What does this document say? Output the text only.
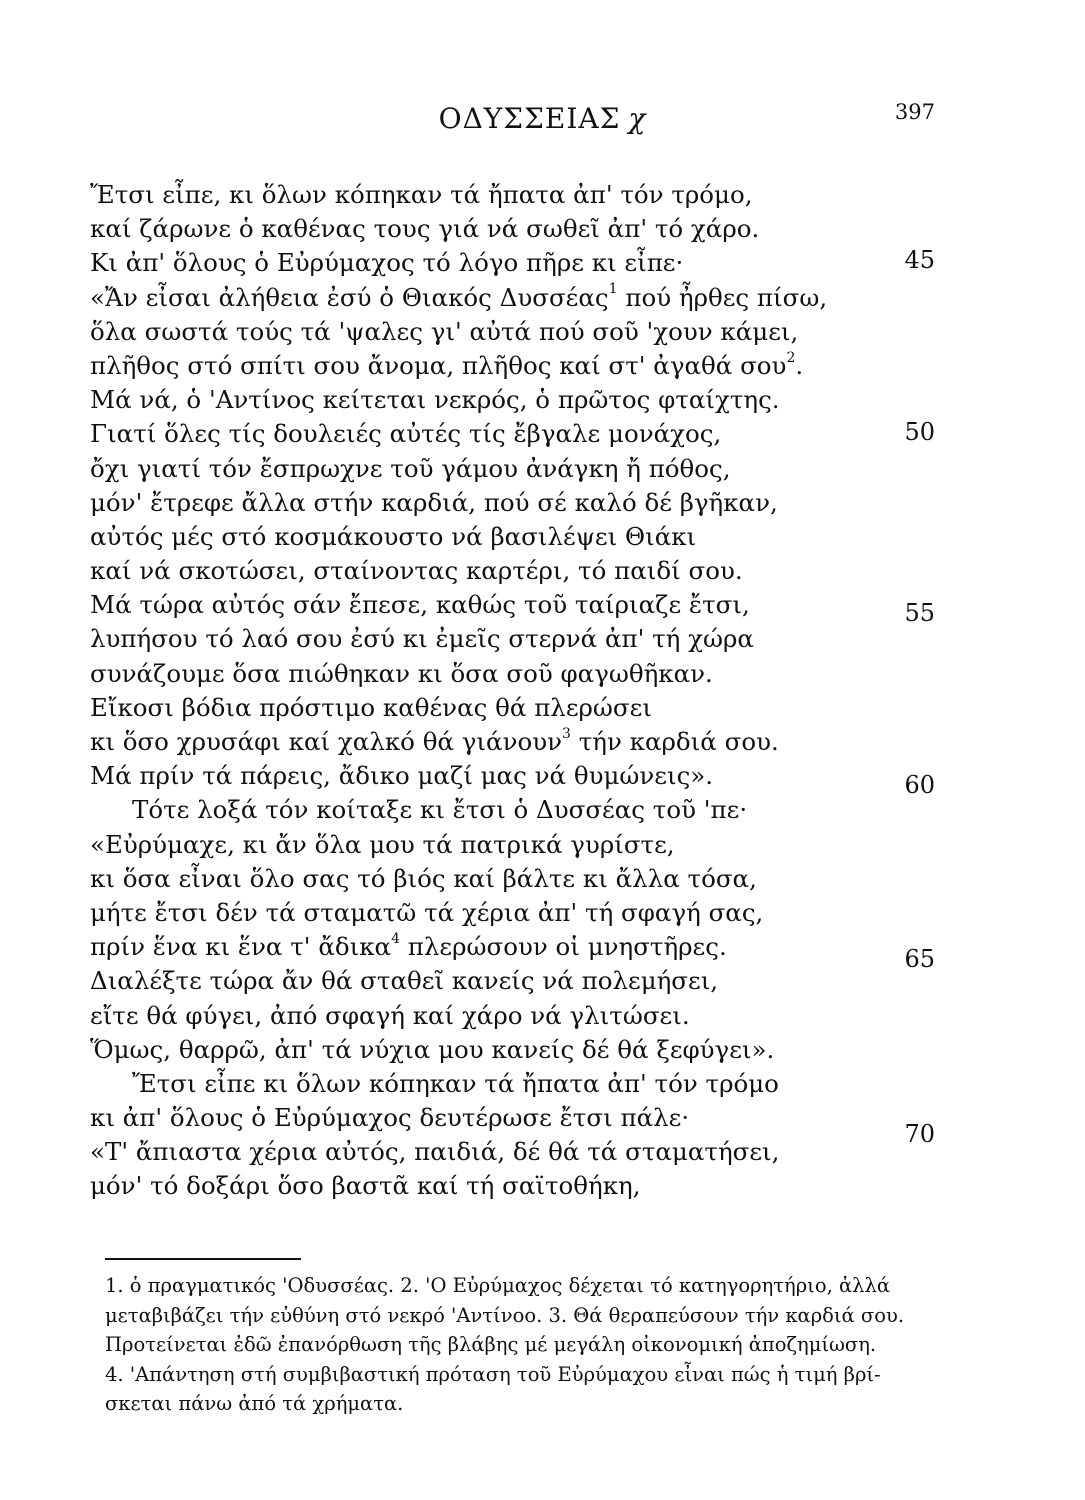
ΟΔΥΣΣΕΙΑΣ χ	397
Ἔτσι εἶπε, κι ὅλων κόπηκαν τά ἤπατα ἀπ' τόν τρόμο,
καί ζάρωνε ὁ καθένας τους γιά νά σωθεῖ ἀπ' τό χάρο.
Κι ἀπ' ὅλους ὁ Εὐρύμαχος τό λόγο πῆρε κι εἶπε·
«Ἄν εἶσαι ἀλήθεια ἐσύ ὁ Θιακός Δυσσέας$^1$ πού ἦρθες πίσω,
ὅλα σωστά τούς τά 'ψαλες γι' αὐτά πού σοῦ 'χουν κάμει,
πλῆθος στό σπίτι σου ἄνομα, πλῆθος καί στ' ἀγαθά σου$^2$.
Μά νά, ὁ 'Αντίνος κείτεται νεκρός, ὁ πρῶτος φταίχτης.
Γιατί ὅλες τίς δουλειές αὐτές τίς ἔβγαλε μονάχος,
ὄχι γιατί τόν ἔσπρωχνε τοῦ γάμου ἀνάγκη ἤ πόθος,
μόν' ἔτρεφε ἄλλα στήν καρδιά, πού σέ καλό δέ βγῆκαν,
αὐτός μές στό κοσμάκουστο νά βασιλέψει Θιάκι
καί νά σκοτώσει, σταίνοντας καρτέρι, τό παιδί σου.
Μά τώρα αὐτός σάν ἔπεσε, καθώς τοῦ ταίριαζε ἔτσι,
λυπήσου τό λαό σου ἐσύ κι ἐμεῖς στερνά ἀπ' τή χώρα
συνάζουμε ὅσα πιώθηκαν κι ὅσα σοῦ φαγωθῆκαν.
Εἴκοσι βόδια πρόστιμο καθένας θά πλερώσει
κι ὅσο χρυσάφι καί χαλκό θά γιάνουν$^3$ τήν καρδιά σου.
Μά πρίν τά πάρεις, ἄδικο μαζί μας νά θυμώνεις».
Τότε λοξά τόν κοίταξε κι ἔτσι ὁ Δυσσέας τοῦ 'πε·
«Εὐρύμαχε, κι ἄν ὅλα μου τά πατρικά γυρίστε,
κι ὅσα εἶναι ὅλο σας τό βιός καί βάλτε κι ἄλλα τόσα,
μήτε ἔτσι δέν τά σταματῶ τά χέρια ἀπ' τή σφαγή σας,
πρίν ἕνα κι ἕνα τ' ἄδικα$^4$ πλερώσουν οἱ μνηστῆρες.
Διαλέξτε τώρα ἄν θά σταθεῖ κανείς νά πολεμήσει,
εἴτε θά φύγει, ἀπό σφαγή καί χάρο νά γλιτώσει.
Ὅμως, θαρρῶ, ἀπ' τά νύχια μου κανείς δέ θά ξεφύγει».
Ἔτσι εἶπε κι ὅλων κόπηκαν τά ἤπατα ἀπ' τόν τρόμο
κι ἀπ' ὅλους ὁ Εὐρύμαχος δευτέρωσε ἔτσι πάλε·
«Τ' ἄπιαστα χέρια αὐτός, παιδιά, δέ θά τά σταματήσει,
μόν' τό δοξάρι ὅσο βαστᾶ καί τή σαϊτοθήκη,
45
50
55
60
65
70
1. ὁ πραγματικός 'Οδυσσέας. 2. 'Ο Εὐρύμαχος δέχεται τό κατηγορητήριο, ἀλλά
μεταβιβάζει τήν εὐθύνη στό νεκρό 'Αντίνοο. 3. Θά θεραπεύσουν τήν καρδιά σου.
Προτείνεται ἐδῶ ἐπανόρθωση τῆς βλάβης μέ μεγάλη οἰκονομική ἀποζημίωση.
4. 'Απάντηση στή συμβιβαστική πρόταση τοῦ Εὐρύμαχου εἶναι πώς ἡ τιμή βρί-
σκεται πάνω ἀπό τά χρήματα.
